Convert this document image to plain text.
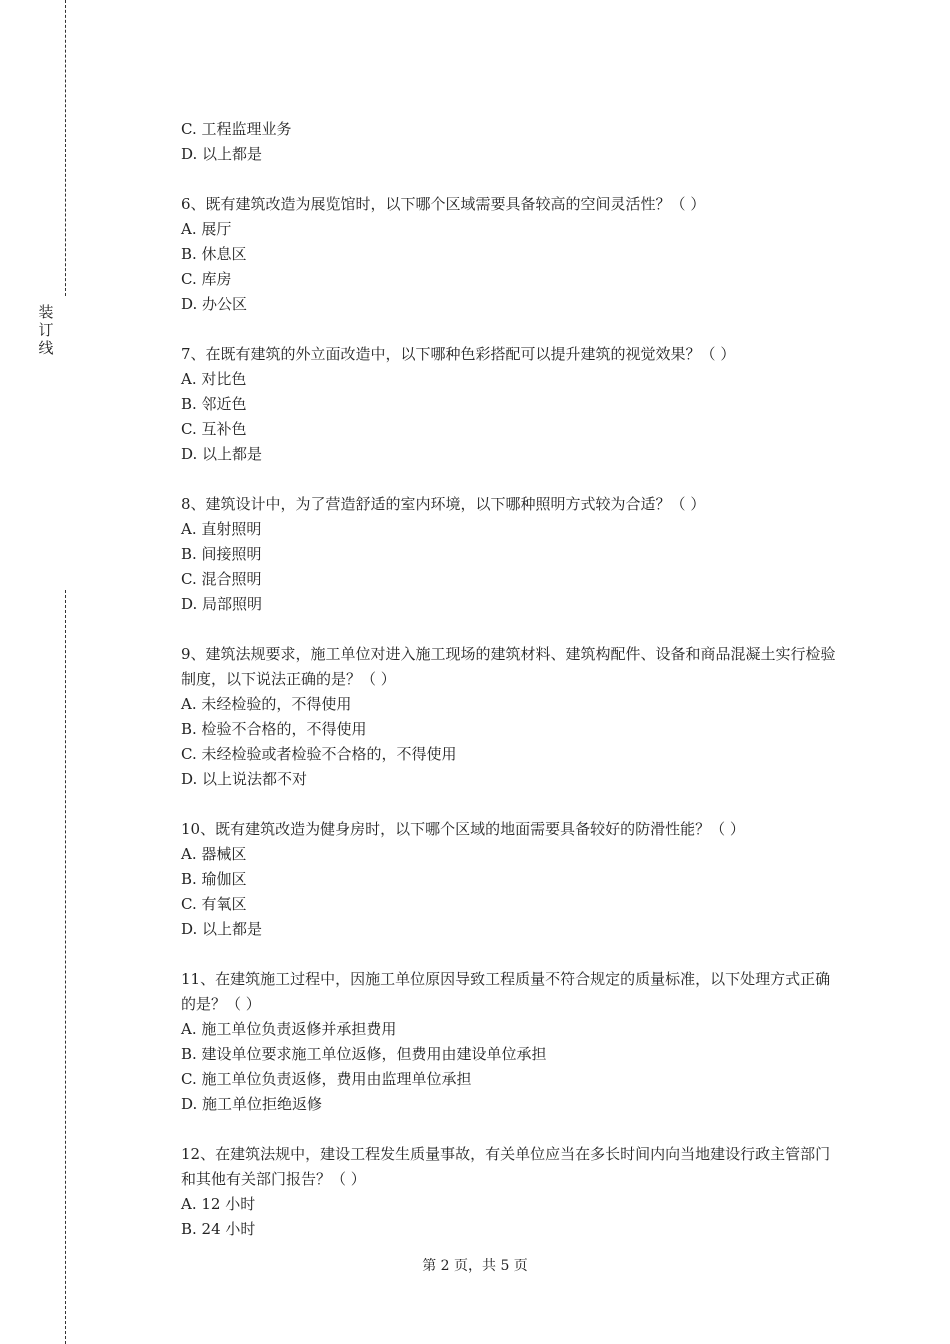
装
订
线

C. 工程监理业务

D. 以上都是

6、既有建筑改造为展览馆时，以下哪个区域需要具备较高的空间灵活性？（ ）

A. 展厅

B. 休息区

C. 库房

D. 办公区

7、在既有建筑的外立面改造中，以下哪种色彩搭配可以提升建筑的视觉效果？（ ）

A. 对比色

B. 邻近色

C. 互补色

D. 以上都是

8、建筑设计中，为了营造舒适的室内环境，以下哪种照明方式较为合适？（ ）

A. 直射照明

B. 间接照明

C. 混合照明

D. 局部照明

9、建筑法规要求，施工单位对进入施工现场的建筑材料、建筑构配件、设备和商品混凝土实行检验制度，以下说法正确的是？（ ）

A. 未经检验的，不得使用

B. 检验不合格的，不得使用

C. 未经检验或者检验不合格的，不得使用

D. 以上说法都不对

10、既有建筑改造为健身房时，以下哪个区域的地面需要具备较好的防滑性能？（ ）

A. 器械区

B. 瑜伽区

C. 有氧区

D. 以上都是

11、在建筑施工过程中，因施工单位原因导致工程质量不符合规定的质量标准，以下处理方式正确的是？（ ）

A. 施工单位负责返修并承担费用

B. 建设单位要求施工单位返修，但费用由建设单位承担

C. 施工单位负责返修，费用由监理单位承担

D. 施工单位拒绝返修

12、在建筑法规中，建设工程发生质量事故，有关单位应当在多长时间内向当地建设行政主管部门和其他有关部门报告？（ ）

A. 12 小时

B. 24 小时

第 2 页，共 5 页
